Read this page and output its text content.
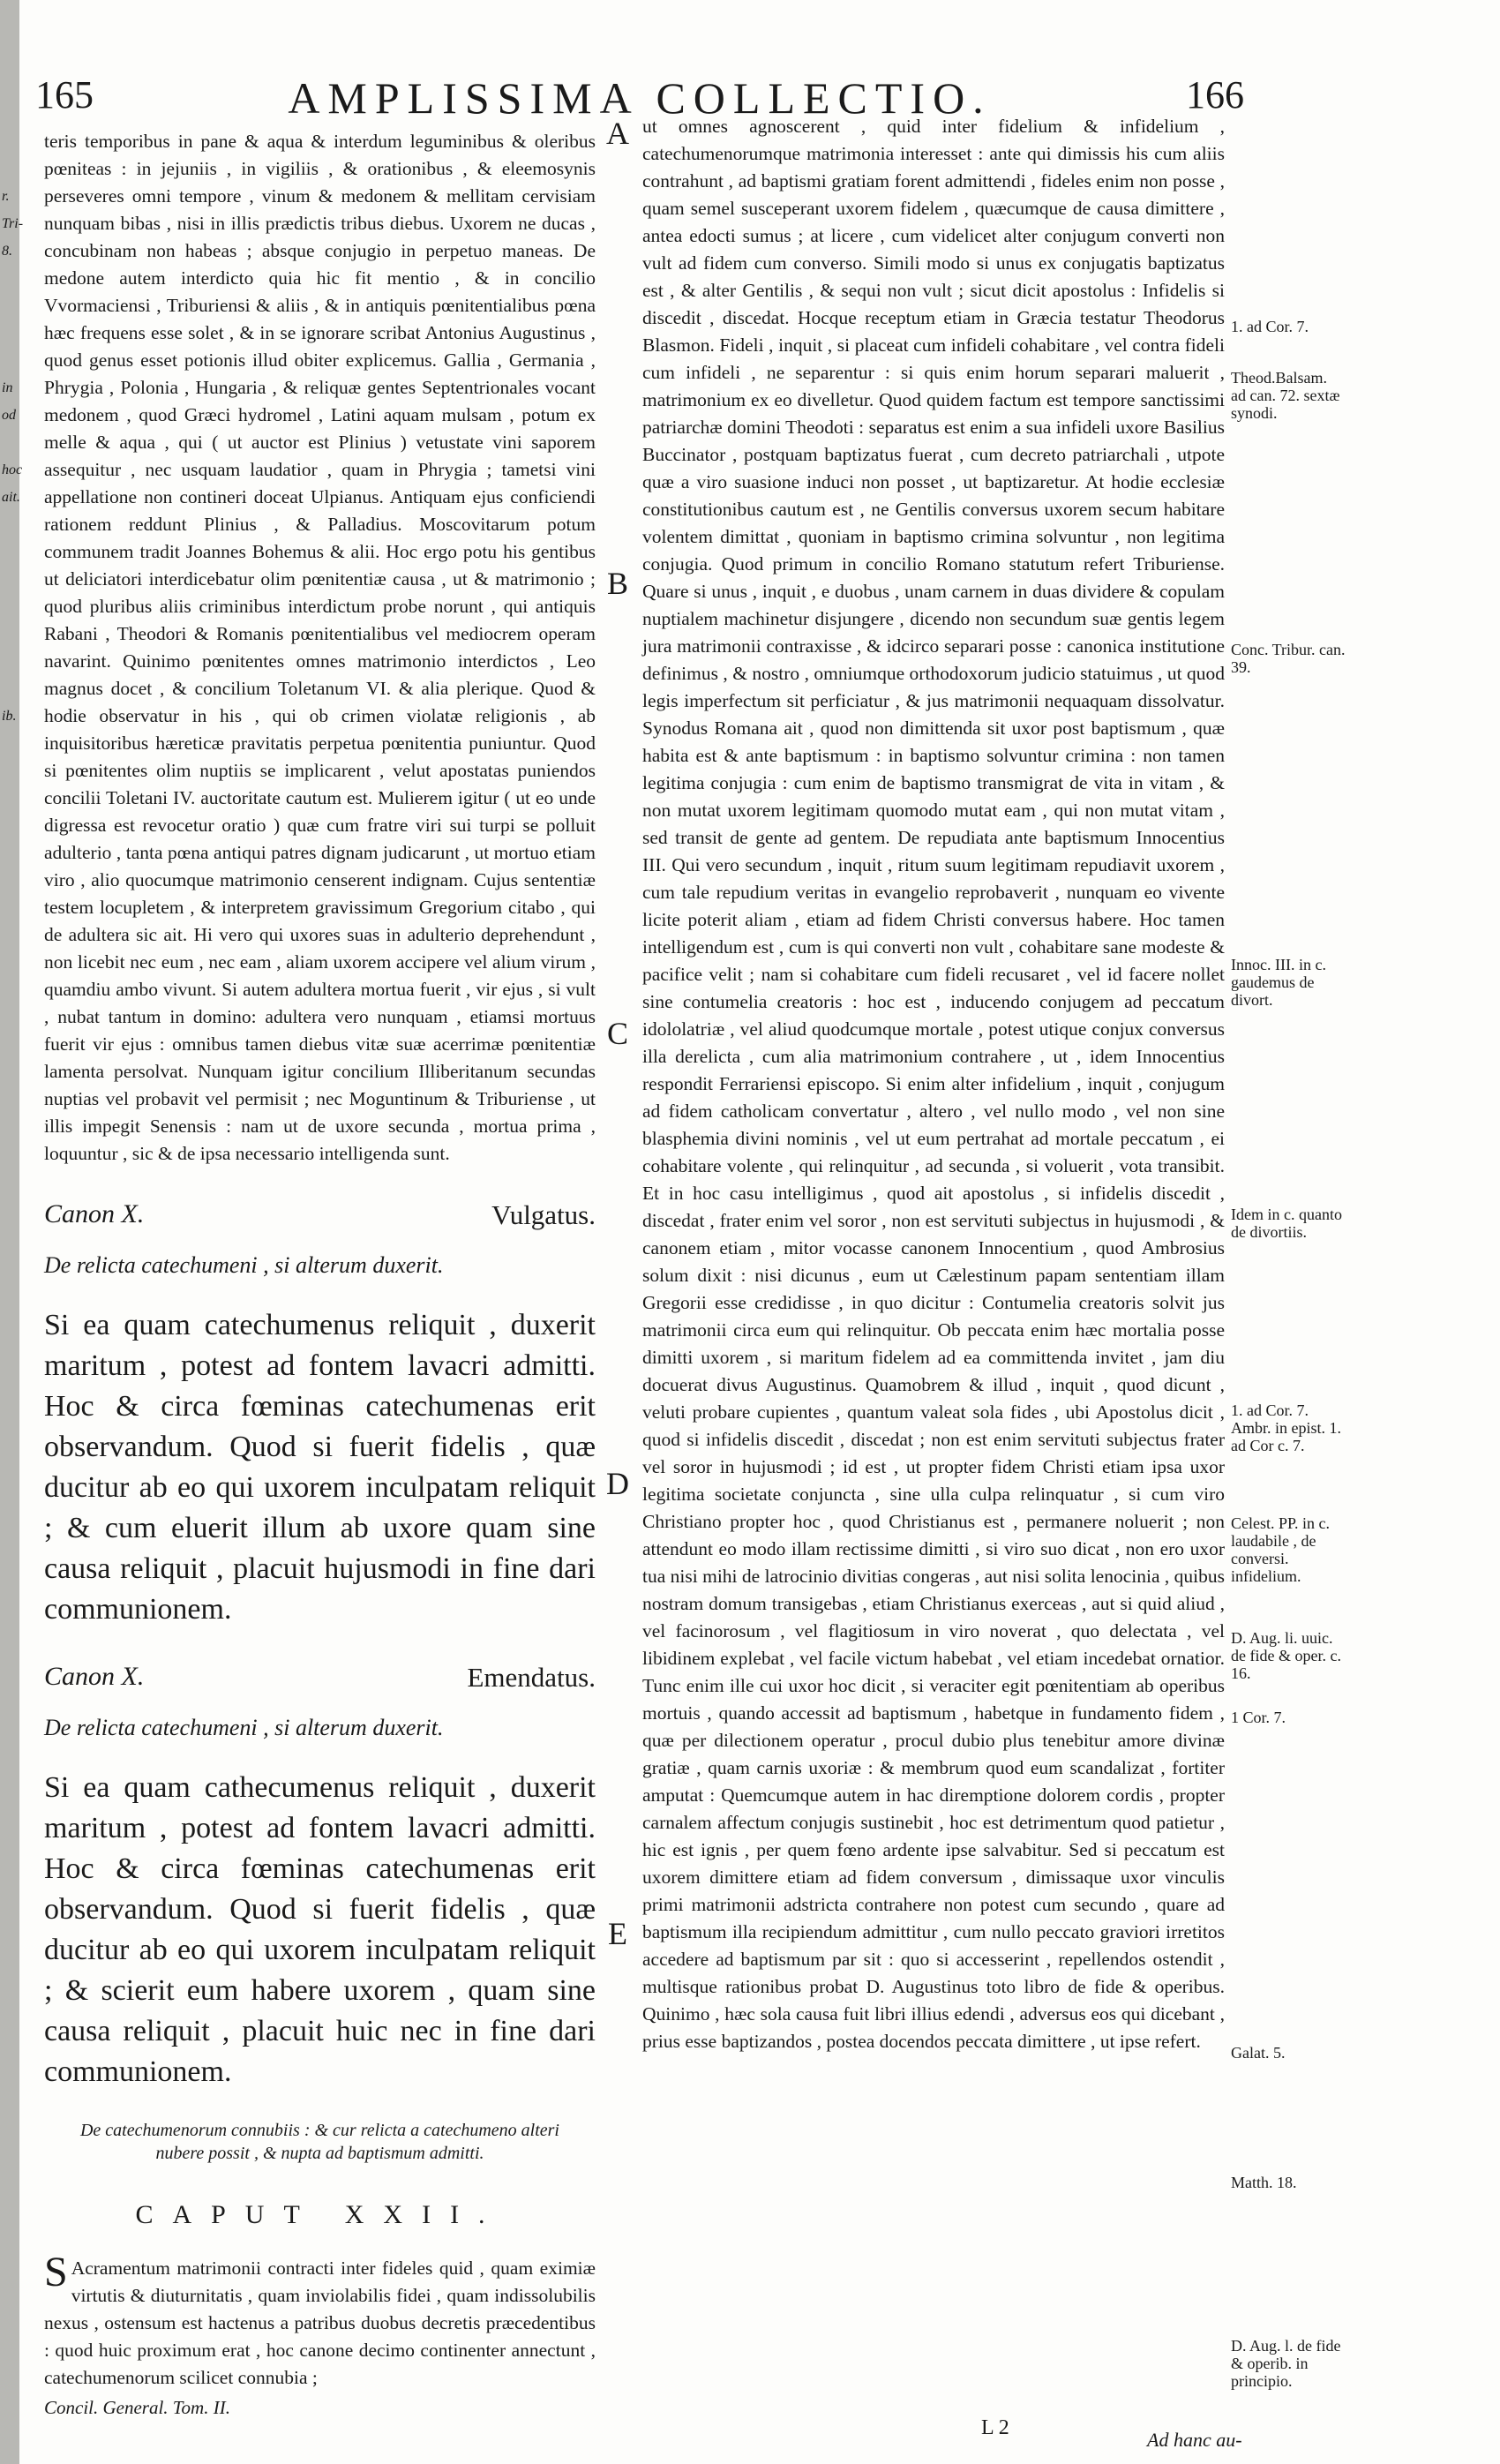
165	AMPLISSIMA COLLECTIO.	166
r.
Tri-
8.
in
od
hoc
ait.
ib.

teris temporibus in pane & aqua & interdum leguminibus & oleribus pœniteas : in jejuniis , in vigiliis , & orationibus , & eleemosynis perseveres omni tempore , vinum & medonem & mellitam cervisiam nunquam bibas , nisi in illis prædictis tribus diebus. Uxorem ne ducas , concubinam non habeas ; absque conjugio in perpetuo maneas. De medone autem interdicto quia hic fit mentio , & in concilio Vvormaciensi , Triburiensi & aliis , & in antiquis pœnitentialibus pœna hæc frequens esse solet , & in se ignorare scribat Antonius Augustinus , quod genus esset potionis illud obiter explicemus. Gallia , Germania , Phrygia , Polonia , Hungaria , & reliquæ gentes Septentrionales vocant medonem , quod Græci hydromel , Latini aquam mulsam , potum ex melle & aqua , qui ( ut auctor est Plinius ) vetustate vini saporem assequitur , nec usquam laudatior , quam in Phrygia ; tametsi vini appellatione non contineri doceat Ulpianus. Antiquam ejus conficiendi rationem reddunt Plinius , & Palladius. Moscovitarum potum communem tradit Joannes Bohemus & alii. Hoc ergo potu his gentibus ut deliciatori interdicebatur olim pœnitentiæ causa , ut & matrimonio ; quod pluribus aliis criminibus interdictum probe norunt , qui antiquis Rabani , Theodori & Romanis pœnitentialibus vel mediocrem operam navarint. Quinimo pœnitentes omnes matrimonio interdictos , Leo magnus docet , & concilium Toletanum VI. & alia plerique. Quod & hodie observatur in his , qui ob crimen violatæ religionis , ab inquisitoribus hæreticæ pravitatis perpetua pœnitentia puniuntur. Quod si pœnitentes olim nuptiis se implicarent , velut apostatas puniendos concilii Toletani IV. auctoritate cautum est. Mulierem igitur ( ut eo unde digressa est revocetur oratio ) quæ cum fratre viri sui turpi se polluit adulterio , tanta pœna antiqui patres dignam judicarunt , ut mortuo etiam viro , alio quocumque matrimonio censerent indignam. Cujus sententiæ testem locupletem , & interpretem gravissimum Gregorium citabo , qui de adultera sic ait. Hi vero qui uxores suas in adulterio deprehendunt , non licebit nec eum , nec eam , aliam uxorem accipere vel alium virum , quamdiu ambo vivunt. Si autem adultera mortua fuerit , vir ejus , si vult , nubat tantum in domino: adultera vero nunquam , etiamsi mortuus fuerit vir ejus : omnibus tamen diebus vitæ suæ acerrimæ pœnitentiæ lamenta persolvat. Nunquam igitur concilium Illiberitanum secundas nuptias vel probavit vel permisit ; nec Moguntinum & Triburiense , ut illis impegit Senensis : nam ut de uxore secunda , mortua prima , loquuntur , sic & de ipsa necessario intelligenda sunt.

Canon X.	Vulgatus.
De relicta catechumeni , si alterum duxerit.

Si ea quam catechumenus reliquit , duxerit maritum , potest ad fontem lavacri admitti. Hoc & circa fœminas catechumenas erit observandum. Quod si fuerit fidelis , quæ ducitur ab eo qui uxorem inculpatam reliquit ; & cum eluerit illum ab uxore quam sine causa reliquit , placuit hujusmodi in fine dari communionem.

Canon X.	Emendatus.
De relicta catechumeni , si alterum duxerit.

Si ea quam cathecumenus reliquit , duxerit maritum , potest ad fontem lavacri admitti. Hoc & circa fœminas catechumenas erit observandum. Quod si fuerit fidelis , quæ ducitur ab eo qui uxorem inculpatam reliquit ; & scierit eum habere uxorem , quam sine causa reliquit , placuit huic nec in fine dari communionem.

De catechumenorum connubiis : & cur relicta a catechumeno alteri nubere possit , & nupta ad baptismum admitti.
CAPUT XXII.

S Acramentum matrimonii contracti inter fideles quid , quam eximiæ virtutis & diuturnitatis , quam inviolabilis fidei , quam indissolubilis nexus , ostensum est hactenus a patribus duobus decretis præcedentibus : quod huic proximum erat , hoc canone decimo continenter annectunt , catechumenorum scilicet connubia ;

Concil. General. Tom. II.
A
B
C
D
E

ut omnes agnoscerent , quid inter fidelium & infidelium , catechumenorumque matrimonia interesset : ante qui dimissis his cum aliis contrahunt , ad baptismi gratiam forent admittendi , fideles enim non posse , quam semel susceperant uxorem fidelem , quæcumque de causa dimittere , antea edocti sumus ; at licere , cum videlicet alter conjugum converti non vult ad fidem cum converso. Simili modo si unus ex conjugatis baptizatus est , & alter Gentilis , & sequi non vult ; sicut dicit apostolus : Infidelis si discedit , discedat. Hocque receptum etiam in Græcia testatur Theodorus Blasmon. Fideli , inquit , si placeat cum infideli cohabitare , vel contra fideli cum infideli , ne separentur : si quis enim horum separari maluerit , matrimonium ex eo divelletur. Quod quidem factum est tempore sanctissimi patriarchæ domini Theodoti : separatus est enim a sua infideli uxore Basilius Buccinator , postquam baptizatus fuerat , cum decreto patriarchali , utpote quæ a viro suasione induci non posset , ut baptizaretur. At hodie ecclesiæ constitutionibus cautum est , ne Gentilis conversus uxorem secum habitare volentem dimittat , quoniam in baptismo crimina solvuntur , non legitima conjugia. Quod primum in concilio Romano statutum refert Triburiense. Quare si unus , inquit , e duobus , unam carnem in duas dividere & copulam nuptialem machinetur disjungere , dicendo non secundum suæ gentis legem jura matrimonii contraxisse , & idcirco separari posse : canonica institutione definimus , & nostro , omniumque orthodoxorum judicio statuimus , ut quod legis imperfectum sit perficiatur , & jus matrimonii nequaquam dissolvatur. Synodus Romana ait , quod non dimittenda sit uxor post baptismum , quæ habita est & ante baptismum : in baptismo solvuntur crimina : non tamen legitima conjugia : cum enim de baptismo transmigrat de vita in vitam , & non mutat uxorem legitimam quomodo mutat eam , qui non mutat vitam , sed transit de gente ad gentem. De repudiata ante baptismum Innocentius III. Qui vero secundum , inquit , ritum suum legitimam repudiavit uxorem , cum tale repudium veritas in evangelio reprobaverit , nunquam eo vivente licite poterit aliam , etiam ad fidem Christi conversus habere. Hoc tamen intelligendum est , cum is qui converti non vult , cohabitare sane modeste & pacifice velit ; nam si cohabitare cum fideli recusaret , vel id facere nollet sine contumelia creatoris : hoc est , inducendo conjugem ad peccatum idololatriæ , vel aliud quodcumque mortale , potest utique conjux conversus illa derelicta , cum alia matrimonium contrahere , ut , idem Innocentius respondit Ferrariensi episcopo. Si enim alter infidelium , inquit , conjugum ad fidem catholicam convertatur , altero , vel nullo modo , vel non sine blasphemia divini nominis , vel ut eum pertrahat ad mortale peccatum , ei cohabitare volente , qui relinquitur , ad secunda , si voluerit , vota transibit. Et in hoc casu intelligimus , quod ait apostolus , si infidelis discedit , discedat , frater enim vel soror , non est servituti subjectus in hujusmodi , & canonem etiam , mitor vocasse canonem Innocentium , quod Ambrosius solum dixit : nisi dicunus , eum ut Cælestinum papam sententiam illam Gregorii esse credidisse , in quo dicitur : Contumelia creatoris solvit jus matrimonii circa eum qui relinquitur. Ob peccata enim hæc mortalia posse dimitti uxorem , si maritum fidelem ad ea committenda invitet , jam diu docuerat divus Augustinus. Quamobrem & illud , inquit , quod dicunt , veluti probare cupientes , quantum valeat sola fides , ubi Apostolus dicit , quod si infidelis discedit , discedat ; non est enim servituti subjectus frater vel soror in hujusmodi ; id est , ut propter fidem Christi etiam ipsa uxor legitima societate conjuncta , sine ulla culpa relinquatur , si cum viro Christiano propter hoc , quod Christianus est , permanere noluerit ; non attendunt eo modo illam rectissime dimitti , si viro suo dicat , non ero uxor tua nisi mihi de latrocinio divitias congeras , aut nisi solita lenocinia , quibus nostram domum transigebas , etiam Christianus exerceas , aut si quid aliud , vel facinorosum , vel flagitiosum in viro noverat , quo delectata , vel libidinem explebat , vel facile victum habebat , vel etiam incedebat ornatior. Tunc enim ille cui uxor hoc dicit , si veraciter egit pœnitentiam ab operibus mortuis , quando accessit ad baptismum , habetque in fundamento fidem , quæ per dilectionem operatur , procul dubio plus tenebitur amore divinæ gratiæ , quam carnis uxoriæ : & membrum quod eum scandalizat , fortiter amputat : Quemcumque autem in hac diremptione dolorem cordis , propter carnalem affectum conjugis sustinebit , hoc est detrimentum quod patietur , hic est ignis , per quem fœno ardente ipse salvabitur. Sed si peccatum est uxorem dimittere etiam ad fidem conversum , dimissaque uxor vinculis primi matrimonii adstricta contrahere non potest cum secundo , quare ad baptismum illa recipiendum admittitur , cum nullo peccato graviori irretitos accedere ad baptismum par sit : quo si accesserint , repellendos ostendit , multisque rationibus probat D. Augustinus toto libro de fide & operibus. Quinimo , hæc sola causa fuit libri illius edendi , adversus eos qui dicebant , prius esse baptizandos , postea docendos peccata dimittere , ut ipse refert.

1. ad Cor. 7.
Theod.Balsam. ad can. 72. sextæ synodi.
Conc. Tribur. can. 39.
Innoc. III. in c. gaudemus de divort.
Idem in c. quanto de divortiis.
1. ad Cor. 7. Ambr. in epist. 1. ad Cor c. 7.
Celest. PP. in c. laudabile , de conversi. infidelium.
D. Aug. li. uuic. de fide & oper. c. 16.
1 Cor. 7.
Galat. 5.
Matth. 18.
D. Aug. l. de fide & operib. in principio.
L 2
Ad hanc au-
